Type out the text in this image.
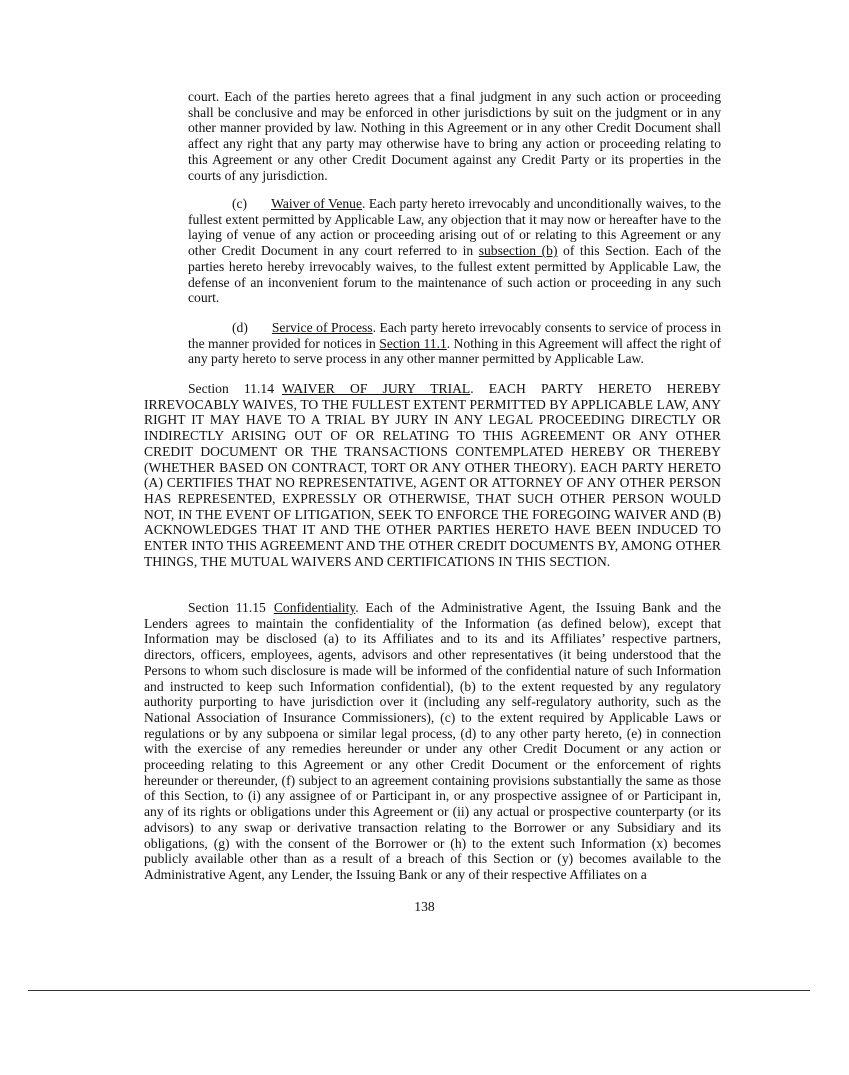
court. Each of the parties hereto agrees that a final judgment in any such action or proceeding shall be conclusive and may be enforced in other jurisdictions by suit on the judgment or in any other manner provided by law. Nothing in this Agreement or in any other Credit Document shall affect any right that any party may otherwise have to bring any action or proceeding relating to this Agreement or any other Credit Document against any Credit Party or its properties in the courts of any jurisdiction.

(c) Waiver of Venue. Each party hereto irrevocably and unconditionally waives, to the fullest extent permitted by Applicable Law, any objection that it may now or hereafter have to the laying of venue of any action or proceeding arising out of or relating to this Agreement or any other Credit Document in any court referred to in subsection (b) of this Section. Each of the parties hereto hereby irrevocably waives, to the fullest extent permitted by Applicable Law, the defense of an inconvenient forum to the maintenance of such action or proceeding in any such court.

(d) Service of Process. Each party hereto irrevocably consents to service of process in the manner provided for notices in Section 11.1. Nothing in this Agreement will affect the right of any party hereto to serve process in any other manner permitted by Applicable Law.

Section 11.14 WAIVER OF JURY TRIAL. EACH PARTY HERETO HEREBY IRREVOCABLY WAIVES, TO THE FULLEST EXTENT PERMITTED BY APPLICABLE LAW, ANY RIGHT IT MAY HAVE TO A TRIAL BY JURY IN ANY LEGAL PROCEEDING DIRECTLY OR INDIRECTLY ARISING OUT OF OR RELATING TO THIS AGREEMENT OR ANY OTHER CREDIT DOCUMENT OR THE TRANSACTIONS CONTEMPLATED HEREBY OR THEREBY (WHETHER BASED ON CONTRACT, TORT OR ANY OTHER THEORY). EACH PARTY HERETO (A) CERTIFIES THAT NO REPRESENTATIVE, AGENT OR ATTORNEY OF ANY OTHER PERSON HAS REPRESENTED, EXPRESSLY OR OTHERWISE, THAT SUCH OTHER PERSON WOULD NOT, IN THE EVENT OF LITIGATION, SEEK TO ENFORCE THE FOREGOING WAIVER AND (B) ACKNOWLEDGES THAT IT AND THE OTHER PARTIES HERETO HAVE BEEN INDUCED TO ENTER INTO THIS AGREEMENT AND THE OTHER CREDIT DOCUMENTS BY, AMONG OTHER THINGS, THE MUTUAL WAIVERS AND CERTIFICATIONS IN THIS SECTION.

Section 11.15 Confidentiality. Each of the Administrative Agent, the Issuing Bank and the Lenders agrees to maintain the confidentiality of the Information (as defined below), except that Information may be disclosed (a) to its Affiliates and to its and its Affiliates’ respective partners, directors, officers, employees, agents, advisors and other representatives (it being understood that the Persons to whom such disclosure is made will be informed of the confidential nature of such Information and instructed to keep such Information confidential), (b) to the extent requested by any regulatory authority purporting to have jurisdiction over it (including any self-regulatory authority, such as the National Association of Insurance Commissioners), (c) to the extent required by Applicable Laws or regulations or by any subpoena or similar legal process, (d) to any other party hereto, (e) in connection with the exercise of any remedies hereunder or under any other Credit Document or any action or proceeding relating to this Agreement or any other Credit Document or the enforcement of rights hereunder or thereunder, (f) subject to an agreement containing provisions substantially the same as those of this Section, to (i) any assignee of or Participant in, or any prospective assignee of or Participant in, any of its rights or obligations under this Agreement or (ii) any actual or prospective counterparty (or its advisors) to any swap or derivative transaction relating to the Borrower or any Subsidiary and its obligations, (g) with the consent of the Borrower or (h) to the extent such Information (x) becomes publicly available other than as a result of a breach of this Section or (y) becomes available to the Administrative Agent, any Lender, the Issuing Bank or any of their respective Affiliates on a

138
